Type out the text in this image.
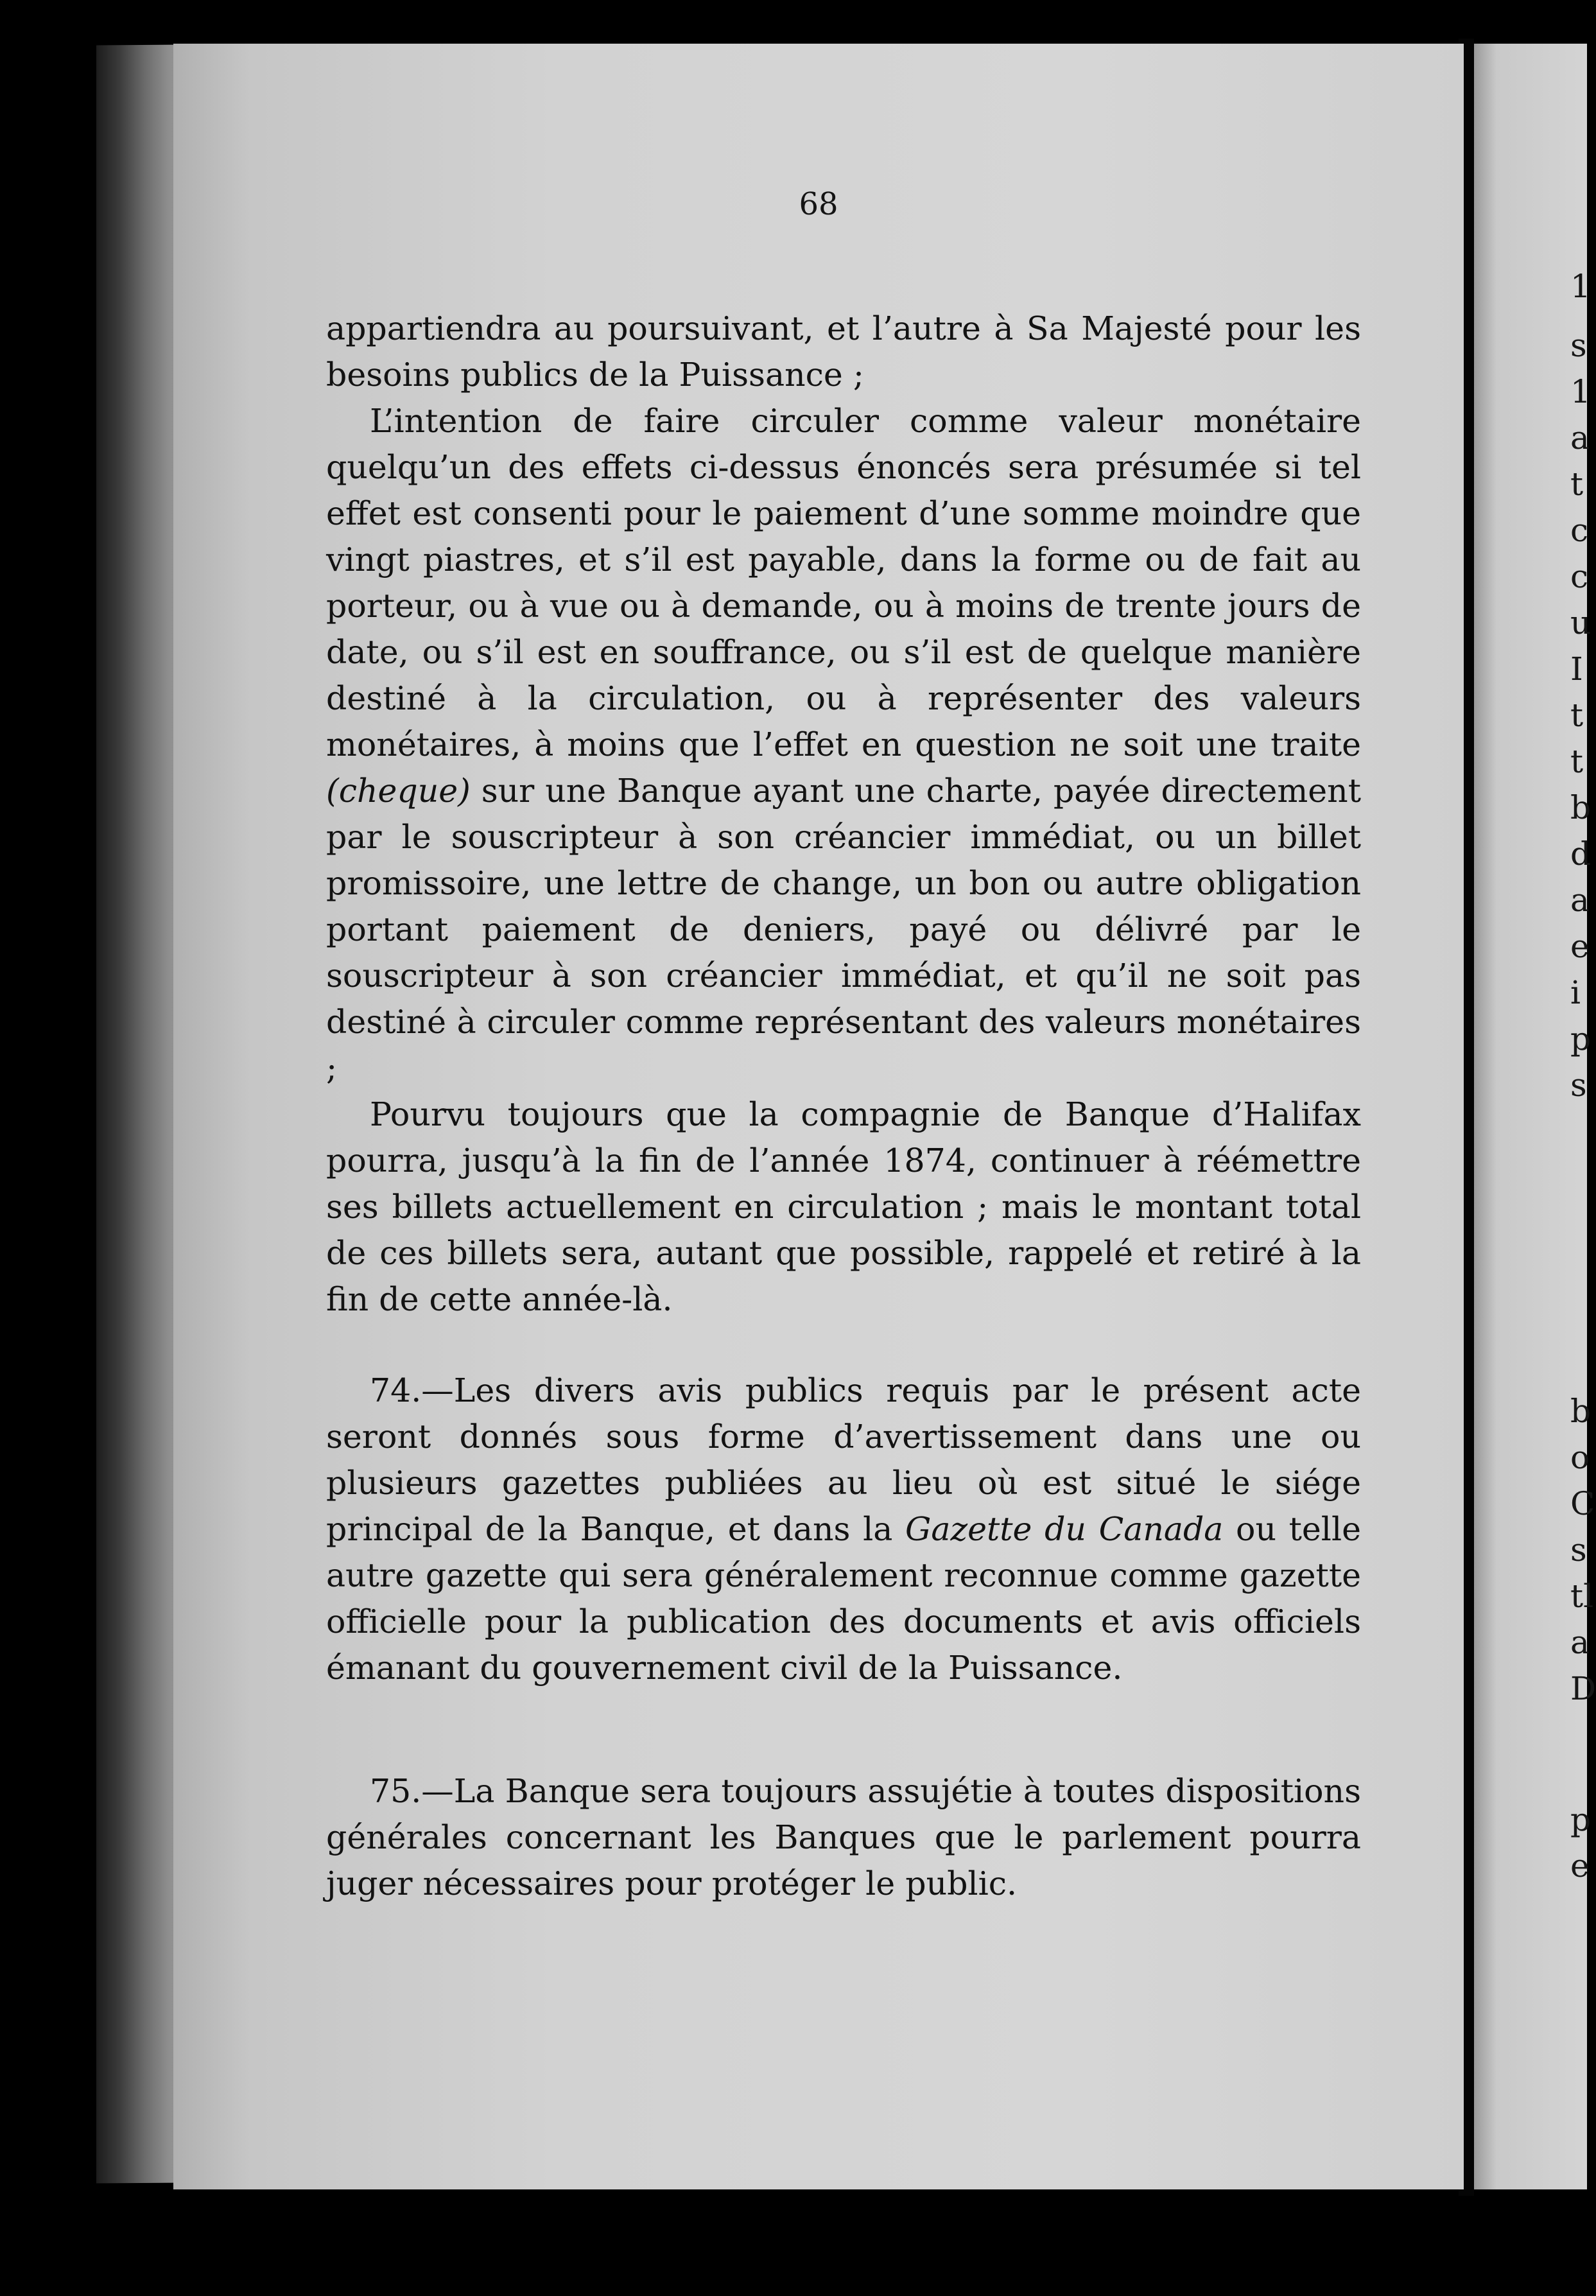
68

appartiendra au poursuivant, et l’autre à Sa Majesté pour les besoins publics de la Puissance ;

L’intention de faire circuler comme valeur monétaire quelqu’un des effets ci-dessus énoncés sera présumée si tel effet est consenti pour le paiement d’une somme moindre que vingt piastres, et s’il est payable, dans la forme ou de fait au porteur, ou à vue ou à demande, ou à moins de trente jours de date, ou s’il est en souffrance, ou s’il est de quelque manière destiné à la circulation, ou à représenter des valeurs monétaires, à moins que l’effet en question ne soit une traite (cheque) sur une Banque ayant une charte, payée directement par le souscripteur à son créancier immédiat, ou un billet promissoire, une lettre de change, un bon ou autre obligation portant paiement de deniers, payé ou délivré par le souscripteur à son créancier immédiat, et qu’il ne soit pas destiné à circuler comme représentant des valeurs monétaires ;

Pourvu toujours que la compagnie de Banque d’Halifax pourra, jusqu’à la fin de l’année 1874, continuer à réémettre ses billets actuellement en circulation ; mais le montant total de ces billets sera, autant que possible, rappelé et retiré à la fin de cette année-là.

74.—Les divers avis publics requis par le présent acte seront donnés sous forme d’avertissement dans une ou plusieurs gazettes publiées au lieu où est situé le siége principal de la Banque, et dans la Gazette du Canada ou telle autre gazette qui sera généralement reconnue comme gazette officielle pour la publication des documents et avis officiels émanant du gouvernement civil de la Puissance.

75.—La Banque sera toujours assujétie à toutes dispositions générales concernant les Banques que le parlement pourra juger nécessaires pour protéger le public.

1
s
1
a
t
c
c
u
I
t
t
b
d
a
e
i
p
s
b
o
C
s
tl
a
D
p
e
